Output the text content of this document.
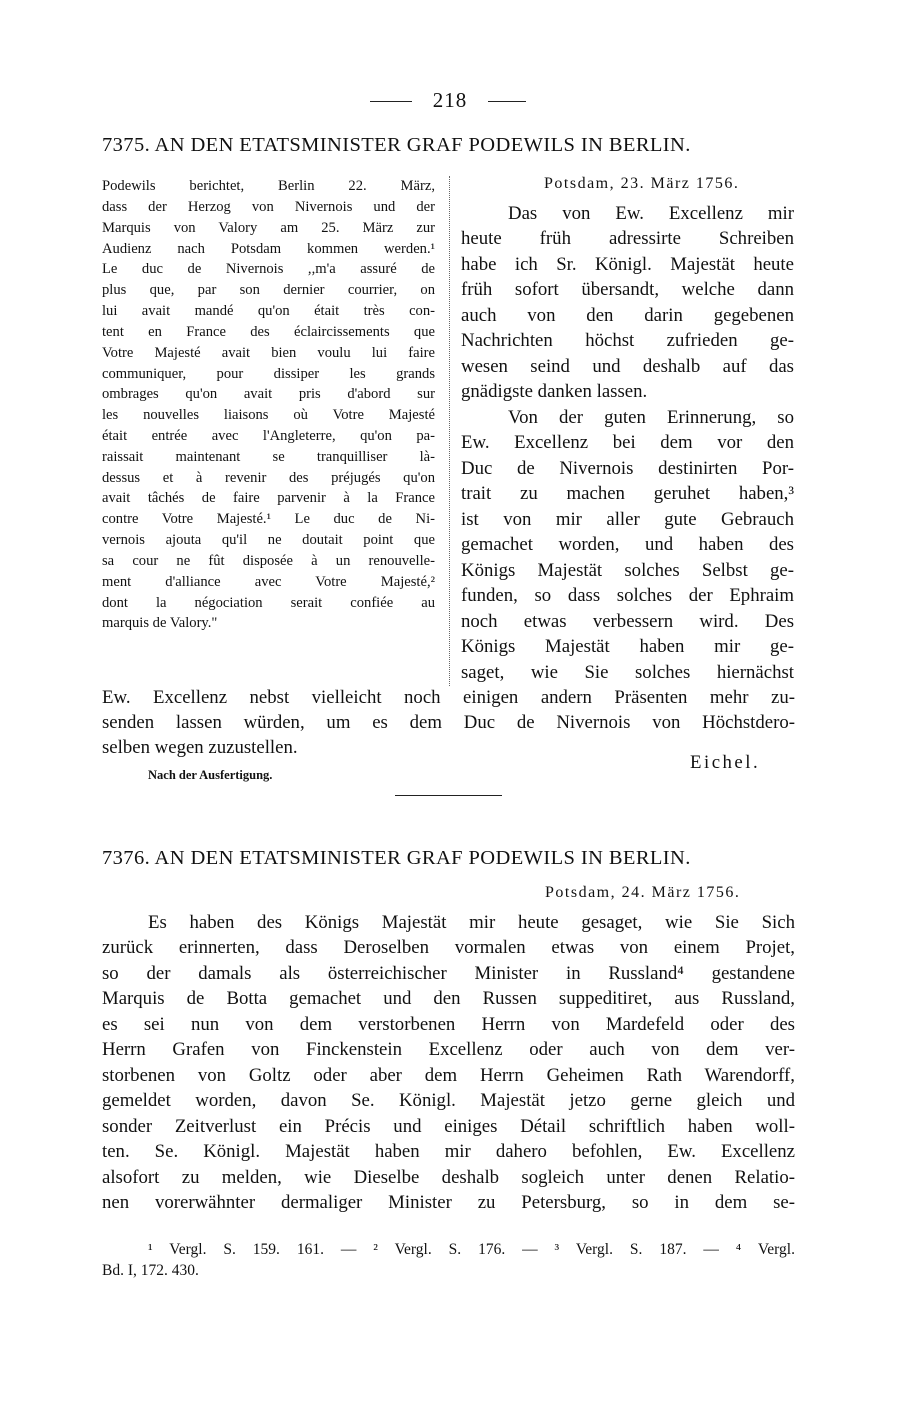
218
7375. AN DEN ETATSMINISTER GRAF PODEWILS IN BERLIN.
Podewils berichtet, Berlin 22. März,
dass der Herzog von Nivernois und der
Marquis von Valory am 25. März zur
Audienz nach Potsdam kommen werden.¹
Le duc de Nivernois ,,m'a assuré de
plus que, par son dernier courrier, on
lui avait mandé qu'on était très con-
tent en France des éclaircissements que
Votre Majesté avait bien voulu lui faire
communiquer, pour dissiper les grands
ombrages qu'on avait pris d'abord sur
les nouvelles liaisons où Votre Majesté
était entrée avec l'Angleterre, qu'on pa-
raissait maintenant se tranquilliser là-
dessus et à revenir des préjugés qu'on
avait tâchés de faire parvenir à la France
contre Votre Majesté.¹ Le duc de Ni-
vernois ajouta qu'il ne doutait point que
sa cour ne fût disposée à un renouvelle-
ment d'alliance avec Votre Majesté,²
dont la négociation serait confiée au
marquis de Valory."
Potsdam, 23. März 1756.
Das von Ew. Excellenz mir
heute früh adressirte Schreiben
habe ich Sr. Königl. Majestät heute
früh sofort übersandt, welche dann
auch von den darin gegebenen
Nachrichten höchst zufrieden ge-
wesen seind und deshalb auf das
gnädigste danken lassen.
Von der guten Erinnerung, so
Ew. Excellenz bei dem vor den
Duc de Nivernois destinirten Por-
trait zu machen geruhet haben,³
ist von mir aller gute Gebrauch
gemachet worden, und haben des
Königs Majestät solches Selbst ge-
funden, so dass solches der Ephraim
noch etwas verbessern wird. Des
Königs Majestät haben mir ge-
saget, wie Sie solches hiernächst
Ew. Excellenz nebst vielleicht noch einigen andern Präsenten mehr zu-
senden lassen würden, um es dem Duc de Nivernois von Höchstdero-
selben wegen zuzustellen.
Eichel.
Nach der Ausfertigung.
7376. AN DEN ETATSMINISTER GRAF PODEWILS IN BERLIN.
Potsdam, 24. März 1756.
Es haben des Königs Majestät mir heute gesaget, wie Sie Sich
zurück erinnerten, dass Deroselben vormalen etwas von einem Projet,
so der damals als österreichischer Minister in Russland⁴ gestandene
Marquis de Botta gemachet und den Russen suppeditiret, aus Russland,
es sei nun von dem verstorbenen Herrn von Mardefeld oder des
Herrn Grafen von Finckenstein Excellenz oder auch von dem ver-
storbenen von Goltz oder aber dem Herrn Geheimen Rath Warendorff,
gemeldet worden, davon Se. Königl. Majestät jetzo gerne gleich und
sonder Zeitverlust ein Précis und einiges Détail schriftlich haben woll-
ten. Se. Königl. Majestät haben mir dahero befohlen, Ew. Excellenz
alsofort zu melden, wie Dieselbe deshalb sogleich unter denen Relatio-
nen vorerwähnter dermaliger Minister zu Petersburg, so in dem se-
¹ Vergl. S. 159. 161. — ² Vergl. S. 176. — ³ Vergl. S. 187. — ⁴ Vergl.
Bd. I, 172. 430.
